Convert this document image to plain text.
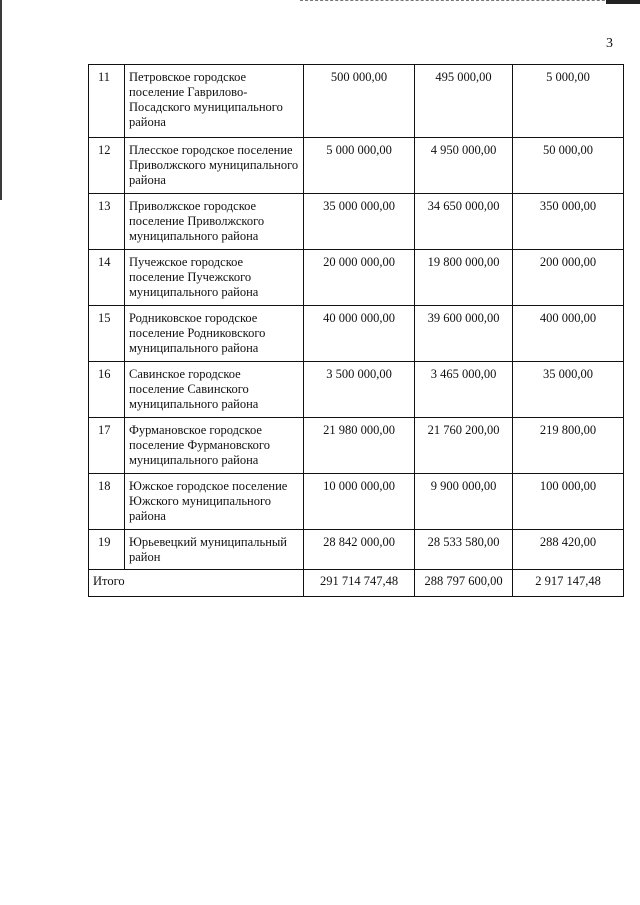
3
11	Петровское городское поселение Гаврилово-Посадского муниципального района	500 000,00	495 000,00	5 000,00
12	Плесское городское поселение Приволжского муниципального района	5 000 000,00	4 950 000,00	50 000,00
13	Приволжское городское поселение Приволжского муниципального района	35 000 000,00	34 650 000,00	350 000,00
14	Пучежское городское поселение Пучежского муниципального района	20 000 000,00	19 800 000,00	200 000,00
15	Родниковское городское поселение Родниковского муниципального района	40 000 000,00	39 600 000,00	400 000,00
16	Савинское городское поселение Савинского муниципального района	3 500 000,00	3 465 000,00	35 000,00
17	Фурмановское городское поселение Фурмановского муниципального района	21 980 000,00	21 760 200,00	219 800,00
18	Южское городское поселение Южского муниципального района	10 000 000,00	9 900 000,00	100 000,00
19	Юрьевецкий муниципальный район	28 842 000,00	28 533 580,00	288 420,00
Итого		291 714 747,48	288 797 600,00	2 917 147,48
